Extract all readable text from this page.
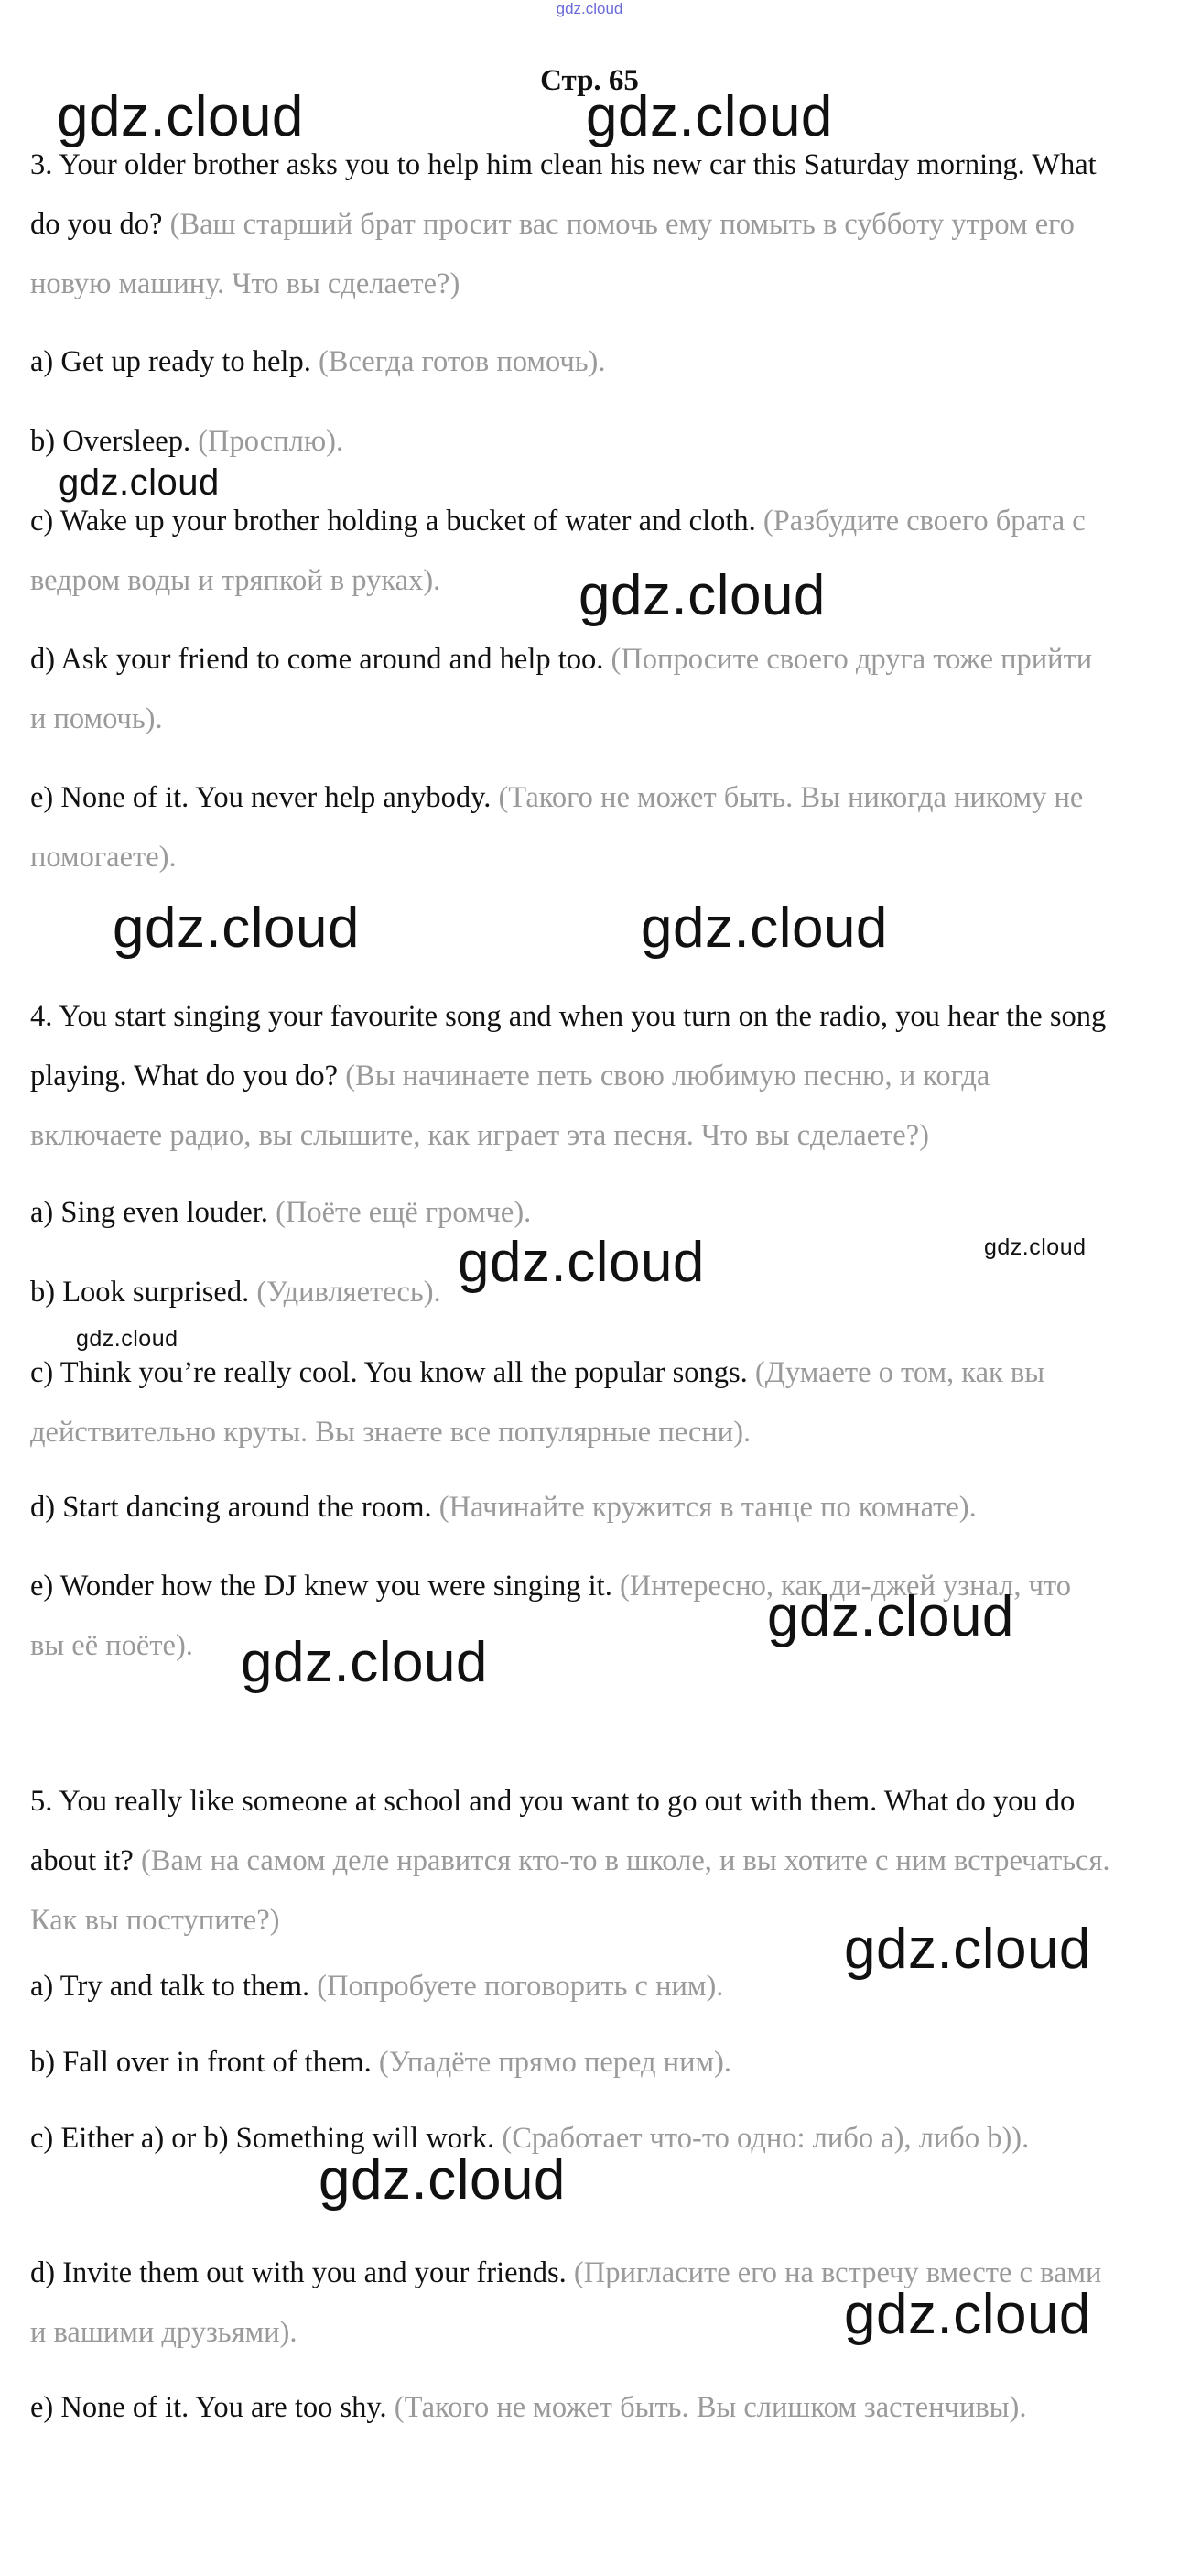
gdz.cloud
Стр. 65
3. Your older brother asks you to help him clean his new car this Saturday morning. What do you do? (Ваш старший брат просит вас помочь ему помыть в субботу утром его новую машину. Что вы сделаете?)
a) Get up ready to help. (Всегда готов помочь).
b) Oversleep. (Просплю).
c) Wake up your brother holding a bucket of water and cloth. (Разбудите своего брата с ведром воды и тряпкой в руках).
d) Ask your friend to come around and help too. (Попросите своего друга тоже прийти и помочь).
e) None of it. You never help anybody. (Такого не может быть. Вы никогда никому не помогаете).
4. You start singing your favourite song and when you turn on the radio, you hear the song playing. What do you do? (Вы начинаете петь свою любимую песню, и когда включаете радио, вы слышите, как играет эта песня. Что вы сделаете?)
a) Sing even louder. (Поёте ещё громче).
b) Look surprised. (Удивляетесь).
c) Think you’re really cool. You know all the popular songs. (Думаете о том, как вы действительно круты. Вы знаете все популярные песни).
d) Start dancing around the room. (Начинайте кружится в танце по комнате).
e) Wonder how the DJ knew you were singing it. (Интересно, как ди-джей узнал, что вы её поёте).
5. You really like someone at school and you want to go out with them. What do you do about it? (Вам на самом деле нравится кто-то в школе, и вы хотите с ним встречаться. Как вы поступите?)
a) Try and talk to them. (Попробуете поговорить с ним).
b) Fall over in front of them. (Упадёте прямо перед ним).
c) Either a) or b) Something will work. (Сработает что-то одно: либо а), либо b)).
d) Invite them out with you and your friends. (Пригласите его на встречу вместе с вами и вашими друзьями).
e) None of it. You are too shy. (Такого не может быть. Вы слишком застенчивы).
gdz.cloud	gdz.cloud
gdz.cloud
gdz.cloud
gdz.cloud	gdz.cloud
gdz.cloud	gdz.cloud
gdz.cloud
gdz.cloud
gdz.cloud
gdz.cloud
gdz.cloud
gdz.cloud
